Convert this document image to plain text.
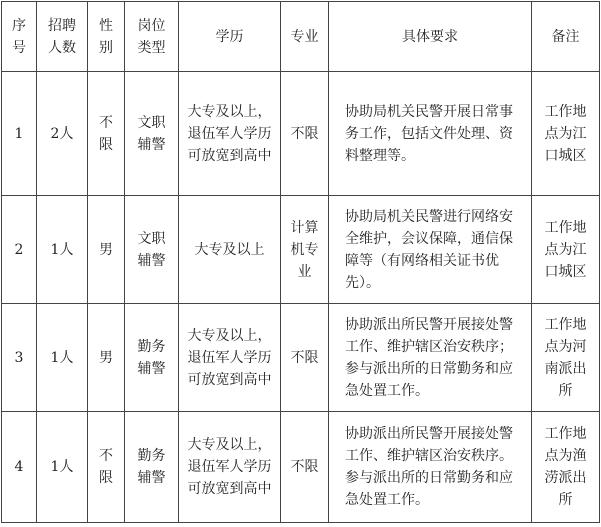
序号	招聘人数	性别	岗位类型	学历	专业	具体要求	备注
1	2人	不限	文职辅警	大专及以上，退伍军人学历可放宽到高中	不限	协助局机关民警开展日常事务工作，包括文件处理、资料整理等。	工作地点为江口城区
2	1人	男	文职辅警	大专及以上	计算机专业	协助局机关民警进行网络安全维护，会议保障，通信保障等（有网络相关证书优先）。	工作地点为江口城区
3	1人	男	勤务辅警	大专及以上，退伍军人学历可放宽到高中	不限	协助派出所民警开展接处警工作、维护辖区治安秩序；参与派出所的日常勤务和应急处置工作。	工作地点为河南派出所
4	1人	不限	勤务辅警	大专及以上，退伍军人学历可放宽到高中	不限	协助派出所民警开展接处警工作、维护辖区治安秩序。参与派出所的日常勤务和应急处置工作。	工作地点为渔涝派出所
